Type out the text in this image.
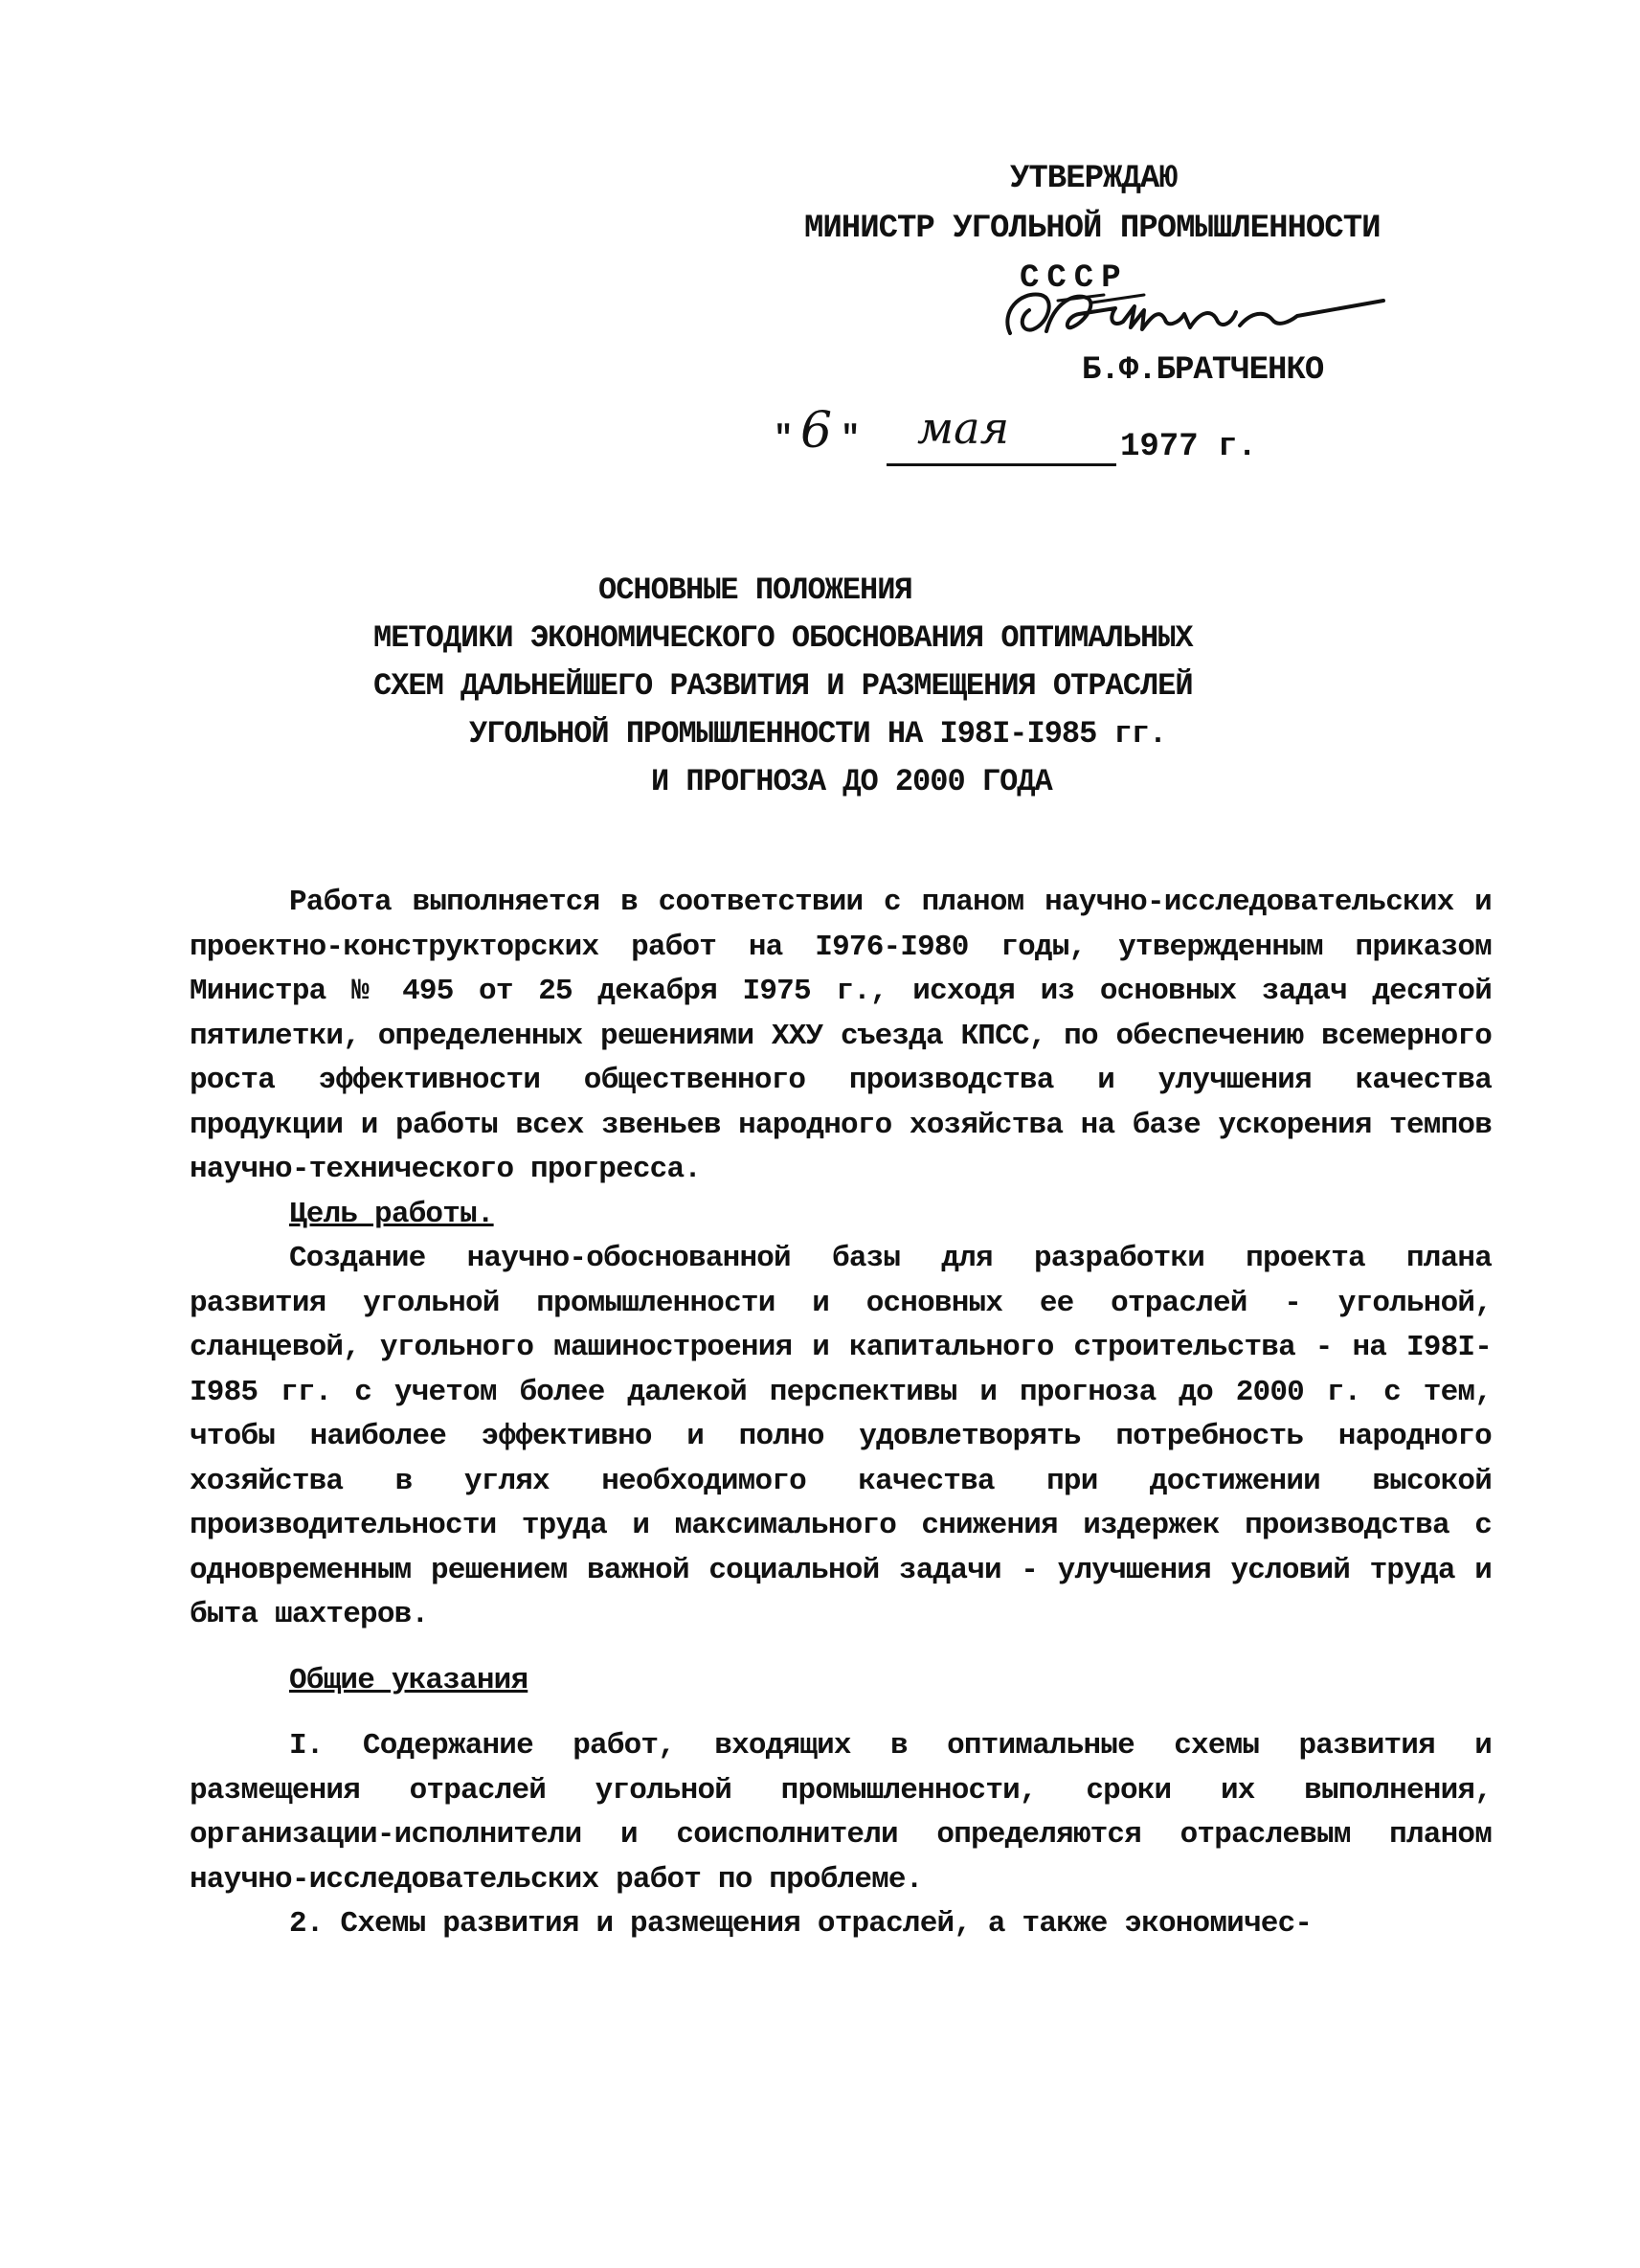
УТВЕРЖДАЮ
МИНИСТР УГОЛЬНОЙ ПРОМЫШЛЕННОСТИ
СССР
Б.Ф.БРАТЧЕНКО
" 6 " мая	1977 г.
ОСНОВНЫЕ ПОЛОЖЕНИЯ
МЕТОДИКИ ЭКОНОМИЧЕСКОГО ОБОСНОВАНИЯ ОПТИМАЛЬНЫХ
СХЕМ ДАЛЬНЕЙШЕГО РАЗВИТИЯ И РАЗМЕЩЕНИЯ ОТРАСЛЕЙ
УГОЛЬНОЙ ПРОМЫШЛЕННОСТИ НА I98I-I985 гг.
И ПРОГНОЗА ДО 2000 ГОДА

Работа выполняется в соответствии с планом научно-исследовательских и проектно-конструкторских работ на I976-I980 годы, утвержденным приказом Министра № 495 от 25 декабря I975 г., исходя из основных задач десятой пятилетки, определенных решениями XXУ съезда КПСС, по обеспечению всемерного роста эффективности общественного производства и улучшения качества продукции и работы всех звеньев народного хозяйства на базе ускорения темпов научно-технического прогресса.

Цель работы.

Создание научно-обоснованной базы для разработки проекта плана развития угольной промышленности и основных ее отраслей - угольной, сланцевой, угольного машиностроения и капитального строительства - на I98I-I985 гг. с учетом более далекой перспективы и прогноза до 2000 г. с тем, чтобы наиболее эффективно и полно удовлетворять потребность народного хозяйства в углях необходимого качества при достижении высокой производительности труда и максимального снижения издержек производства с одновременным решением важной социальной задачи - улучшения условий труда и быта шахтеров.

Общие указания

I. Содержание работ, входящих в оптимальные схемы развития и размещения отраслей угольной промышленности, сроки их выполнения, организации-исполнители и соисполнители определяются отраслевым планом научно-исследовательских работ по проблеме.

2. Схемы развития и размещения отраслей, а также экономичес-
